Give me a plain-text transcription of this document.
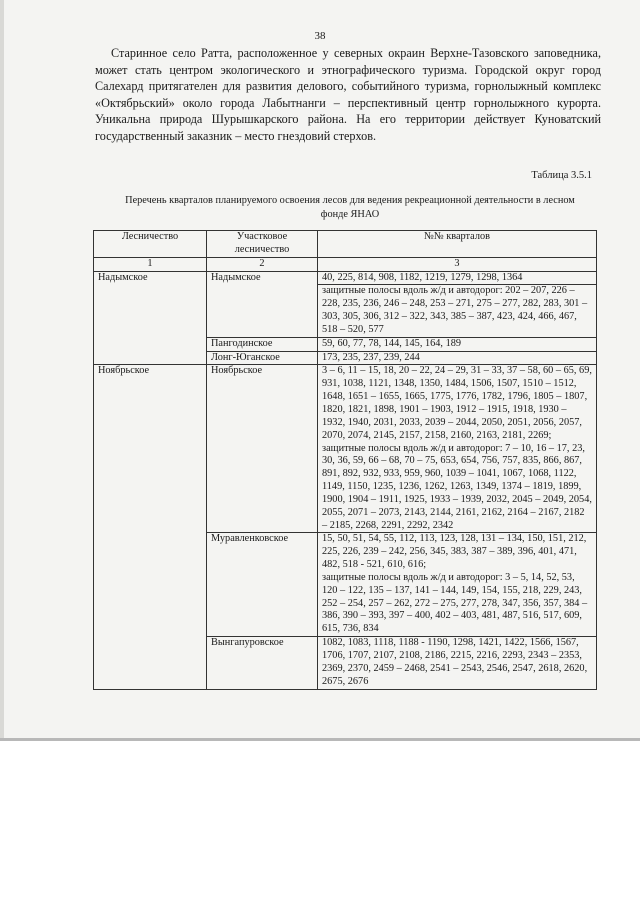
38

Старинное село Ратта, расположенное у северных окраин Верхне-Тазовского заповедника, может стать центром экологического и этнографического туризма. Городской округ город Салехард притягателен для развития делового, событийного туризма, горнолыжный комплекс «Октябрьский» около города Лабытнанги – перспективный центр горнолыжного курорта. Уникальна природа Шурышкарского района. На его территории действует Куноватский государственный заказник – место гнездовий стерхов.

Таблица 3.5.1
Перечень кварталов планируемого освоения лесов для ведения рекреационной деятельности в лесном фонде ЯНАО
Лесничество	Участковое лесничество	№№ кварталов
1	2	3
Надымское	Надымское	40, 225, 814, 908, 1182, 1219, 1279, 1298, 1364
		защитные полосы вдоль ж/д и автодорог: 202 – 207, 226 – 228, 235, 236, 246 – 248, 253 – 271, 275 – 277, 282, 283, 301 – 303, 305, 306, 312 – 322, 343, 385 – 387, 423, 424, 466, 467, 518 – 520, 577
	Пангодинское	59, 60, 77, 78, 144, 145, 164, 189
	Лонг-Юганское	173, 235, 237, 239, 244
Ноябрьское	Ноябрьское	3 – 6, 11 – 15, 18, 20 – 22, 24 – 29, 31 – 33, 37 – 58, 60 – 65, 69, 931, 1038, 1121, 1348, 1350, 1484, 1506, 1507, 1510 – 1512, 1648, 1651 – 1655, 1665, 1775, 1776, 1782, 1796, 1805 – 1807, 1820, 1821, 1898, 1901 – 1903, 1912 – 1915, 1918, 1930 – 1932, 1940, 2031, 2033, 2039 – 2044, 2050, 2051, 2056, 2057, 2070, 2074, 2145, 2157, 2158, 2160, 2163, 2181, 2269;
		защитные полосы вдоль ж/д и автодорог: 7 – 10, 16 – 17, 23, 30, 36, 59, 66 – 68, 70 – 75, 653, 654, 756, 757, 835, 866, 867, 891, 892, 932, 933, 959, 960, 1039 – 1041, 1067, 1068, 1122, 1149, 1150, 1235, 1236, 1262, 1263, 1349, 1374 – 1819, 1899, 1900, 1904 – 1911, 1925, 1933 – 1939, 2032, 2045 – 2049, 2054, 2055, 2071 – 2073, 2143, 2144, 2161, 2162, 2164 – 2167, 2182 – 2185, 2268, 2291, 2292, 2342
	Муравленковское	15, 50, 51, 54, 55, 112, 113, 123, 128, 131 – 134, 150, 151, 212, 225, 226, 239 – 242, 256, 345, 383, 387 – 389, 396, 401, 471, 482, 518 - 521, 610, 616;
		защитные полосы вдоль ж/д и автодорог: 3 – 5, 14, 52, 53, 120 – 122, 135 – 137, 141 – 144, 149, 154, 155, 218, 229, 243, 252 – 254, 257 – 262, 272 – 275, 277, 278, 347, 356, 357, 384 – 386, 390 – 393, 397 – 400, 402 – 403, 481, 487, 516, 517, 609, 615, 736, 834
	Вынгапуровское	1082, 1083, 1118, 1188 - 1190, 1298, 1421, 1422, 1566, 1567, 1706, 1707, 2107, 2108, 2186, 2215, 2216, 2293, 2343 – 2353, 2369, 2370, 2459 – 2468, 2541 – 2543, 2546, 2547, 2618, 2620, 2675, 2676
